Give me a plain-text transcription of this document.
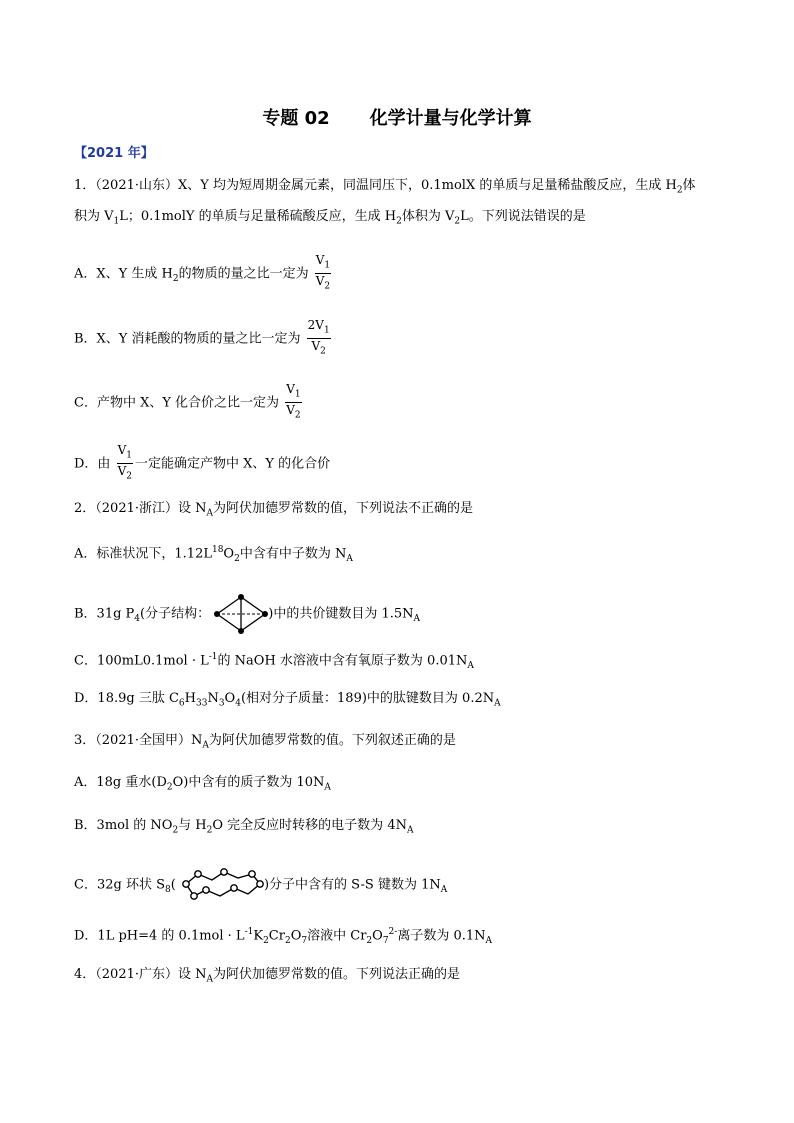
专题 02 化学计量与化学计算
【2021 年】
1．（2021·山东）X、Y 均为短周期金属元素，同温同压下，0.1molX 的单质与足量稀盐酸反应，生成 $H_2$体
积为 $V_1L$；0.1molY 的单质与足量稀硫酸反应，生成 $H_2$体积为 $V_2L$。下列说法错误的是
A．X、Y 生成 $H_2$的物质的量之比一定为 $\frac{V_1}{V_2}$
B．X、Y 消耗酸的物质的量之比一定为 $\frac{2V_1}{V_2}$
C．产物中 X、Y 化合价之比一定为 $\frac{V_1}{V_2}$
D．由 $\frac{V_1}{V_2}$ 一定能确定产物中 X、Y 的化合价
2．（2021·浙江）设 $N_A$为阿伏加德罗常数的值，下列说法不正确的是
A．标准状况下，$1.12L^{18}O_2$中含有中子数为 $N_A$
B．31g $P_4$(分子结构：	)中的共价键数目为 $1.5N_A$
C．$100mL0.1mol \cdot L^{-1}$的 NaOH 水溶液中含有氧原子数为 $0.01N_A$
D．18.9g 三肽 $C_6H_{33}N_3O_4$(相对分子质量：189)中的肽键数目为 $0.2N_A$
3．（2021·全国甲）$N_A$为阿伏加德罗常数的值。下列叙述正确的是
A．18g 重水$(D_2O)$中含有的质子数为 $10N_A$
B．3mol 的 $NO_2$与 $H_2O$ 完全反应时转移的电子数为 $4N_A$
C．32g 环状 $S_8$(	)分子中含有的 S-S 键数为 $1N_A$
D．1L pH=4 的 $0.1mol \cdot L^{-1}K_2Cr_2O_7$溶液中 $Cr_2O_7^{2-}$离子数为 $0.1N_A$
4．（2021·广东）设 $N_A$为阿伏加德罗常数的值。下列说法正确的是
